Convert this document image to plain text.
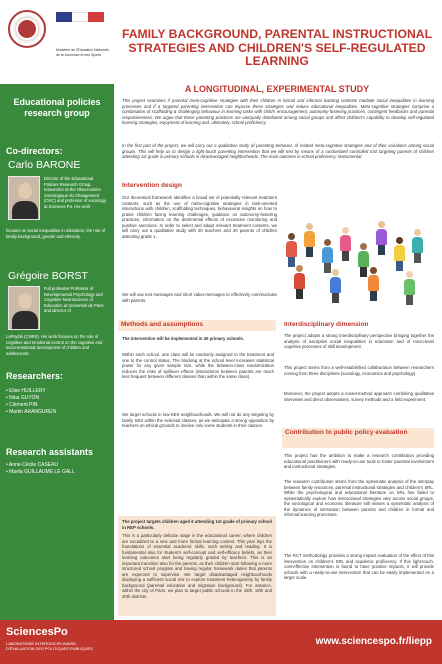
Ministère de l'Éducation Nationale, de la Jeunesse et des Sports
Educational policies research group
Co-directors:
Carlo BARONE
Director of the Educational Policies Research Group, researcher at the Observatoire Sociologique du Changement (OSC) and professor of sociology at Sciences Po. His work
focuses on social inequalities in education, the role of family background, gender and ethnicity.
Grégoire BORST
Full professor Professor of Developmental Psychology and Cognitive Neuroscience of Education at Université de Paris and director of
LaPsyDé (CNRS). His work focuses on the role of cognitive and emotional control on the cognitive and socio-emotional development of children and adolescents.
Researchers:
• Elise HUILLERY
• Nina GUYON
• Clément PIN
• Martin ARANGUREN
Research assistants
• Anne-Cécile CASEAU
• Maela GUILLAUME LE GALL
SciencesPo
LABORATOIRE INTERDISCIPLINAIRE
D'ÉVALUATION DES POLITIQUES PUBLIQUES
www.sciencespo.fr/liepp
FAMILY BACKGROUND, PARENTAL INSTRUCTIONAL STRATEGIES AND CHILDREN'S SELF-REGULATED LEARNING
A LONGITUDINAL, EXPERIMENTAL STUDY
This project examines if parental meta-cognitive strategies with their children in formal and informal learning contexts mediate social inequalities in learning processes and if a targeted parenting intervention can improve these strategies and reduce educational inequalities. Meta-cognitive strategies comprise a combination of scaffolding & challenging behaviour in learning tasks with child's encouragement, autonomy-fostering practices, contingent feedbacks and parental responsiveness. We argue that these parenting practices are unequally distributed among social groups and affect children's capability to develop self-regulated learning strategies, enjoyment of learning and, ultimately, school proficiency.
In the first part of the project, we will carry out a qualitative study of parenting behavior, of related meta-cognitive strategies and of their variations among social groups. This will help us to design a light-touch parenting intervention that we will test by means of a randomized controlled trial targeting parents of children attending 1st grade in primary schools in disadvantaged neighborhoods. The main outcome is school proficiency; instrumental
Intervention design
Our theoretical framework identifies a broad set of potentially relevant treatment contents, such as the use of meta-cognitive strategies in task-oriented interactions with children, scaffolding techniques, behavioural insights on how to praise children facing learning challenges, guidance on autonomy-fostering practices, information on the detrimental effects of excessive monitoring and punitive sanctions. In order to select and adapt relevant treatment contents, we will carry out a qualitative study with 20 teachers and 20 parents of children attending grade 1.
We will use text messages and short video-messages to effectively communicate with parents.
Methods and assumptions
The intervention will be implemented in 40 primary schools.
Within each school, one class will be randomly assigned to the treatment and one to the control status. The blocking at the school level increases statistical power for any given sample size, while the between-class randomization reduces the risks of spillover effects (interactions between parents are much less frequent between different classes than within the same class).
We target schools in low-SES neighbourhoods. We will not do any targeting by family SES within the selected classes, as we anticipate a strong opposition by teachers on ethical grounds to involve only some students in their classes.
Interdisciplinary dimension
The project adopts a strong interdisciplinary perspective bringing together the analysis of ascriptive social inequalities in education and of micro-level cognitive processes of skill development.
This project stems from a well-established collaboration between researchers coming from three disciplines (sociology, economics and psychology).
Moreover, the project adopts a mixed-method approach combining qualitative interviews and direct observations, survey methods and a field experiment.
The project targets children aged 6 attending 1st grade of primary school in REP schools.
This is a particularly delicate stage in the educational career, where children are socialized to a new and more formal learning context. This year lays the foundations of essential academic skills, such writing and reading. It is fundamental also for student's self-concept and self-efficacy beliefs, as their learning outcomes start being regularly graded by teachers. This is an important transition also for the parents, as their children start following a more structured school program and having regular homework duties that parents are expected to supervise. We target disadvantaged neighbourhoods displaying a sufficient social mix to explore treatment heterogeneity by family background (parental education and migration background). For instance, within the city of Paris, we plan to target public schools in the 18th, 19th and 20th districts.
Contribution to public policy evaluation
This project has the ambition to make a research contribution providing educational practitioners with ready-to-use tools to foster parental involvement and instructional strategies.
The research contribution stems from the systematic analysis of the interplay between family resources, parental instructional strategies and children's SRL. While the psychological and educational literature on SRL has failed to systematically explore how instructional strategies vary across social groups, the sociological and economic literature still misses a systematic analysis of the dynamics of interaction between parents and children in formal and informal learning processes.
The RCT methodology provides a strong impact evaluation of the effect of this intervention on children's SRL and academic proficiency. If this light-touch, cost-effective intervention is found to have positive impacts, it will provide schools with a ready-to-use intervention that can be easily implemented on a larger scale.
